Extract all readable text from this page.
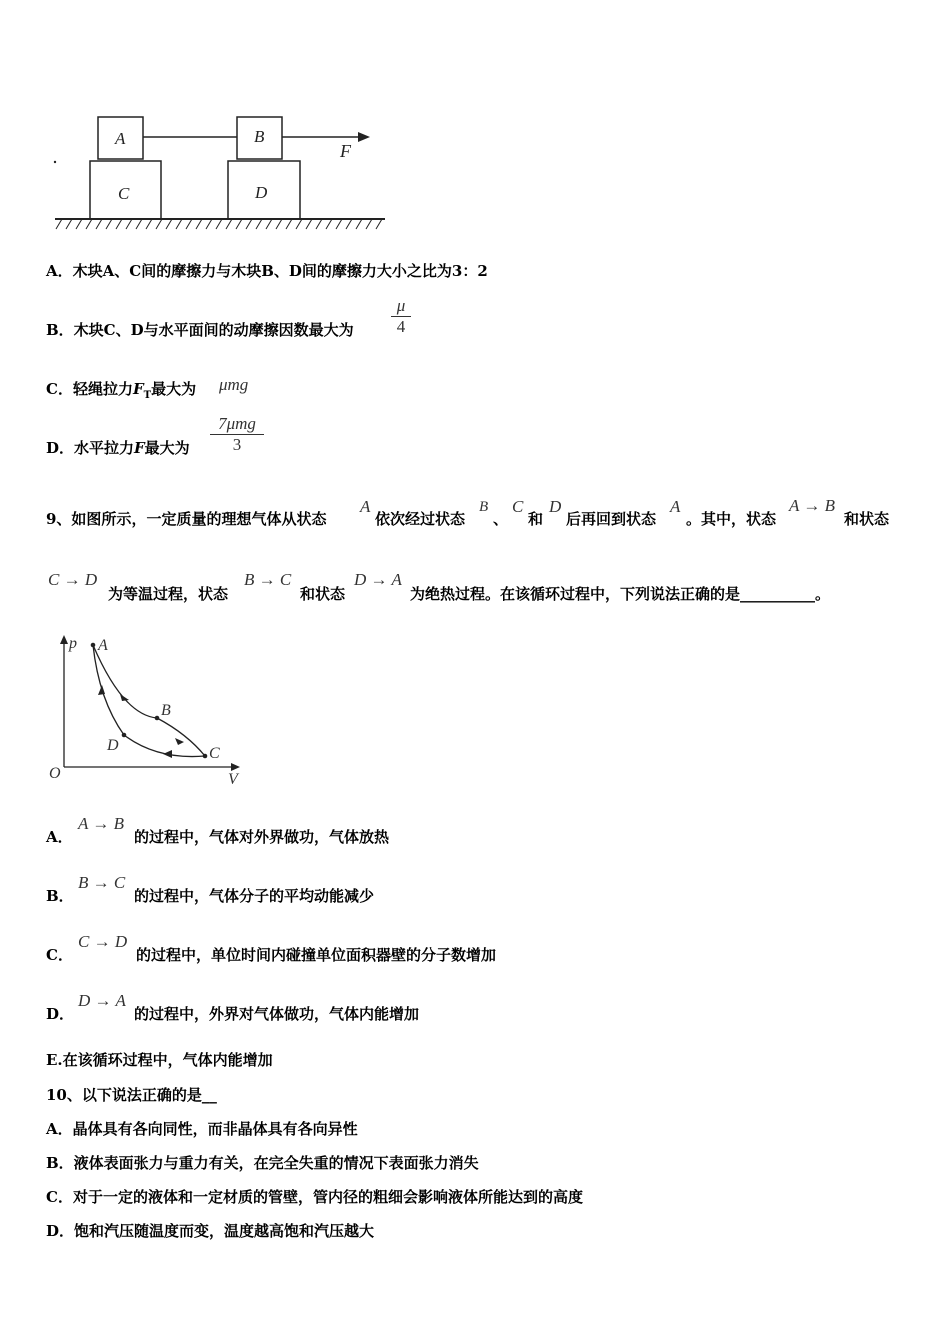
A	B
C	D
F
A．木块A、C间的摩擦力与木块B、D间的摩擦力大小之比为3：2
B．木块C、D与水平面间的动摩擦因数最大为 $\frac{\mu}{4}$
C．轻绳拉力$F_T$最大为 μmg
D．水平拉力F最大为
7μmg
3
9、如图所示，一定质量的理想气体从状态
A
依次经过状态
B
、
C
和
D
后再回到状态
A
。其中，状态
A → B
和状态
C → D
为等温过程，状态
B → C
和状态
D → A
为绝热过程。在该循环过程中，下列说法正确的是__________。
p
V
O
A
B
C
D
A．
A → B
的过程中，气体对外界做功，气体放热
B．
B → C
的过程中，气体分子的平均动能减少
C．
C → D
的过程中，单位时间内碰撞单位面积器壁的分子数增加
D．
D → A
的过程中，外界对气体做功，气体内能增加
E.在该循环过程中，气体内能增加
10、以下说法正确的是__
A．晶体具有各向同性，而非晶体具有各向异性
B．液体表面张力与重力有关，在完全失重的情况下表面张力消失
C．对于一定的液体和一定材质的管壁，管内径的粗细会影响液体所能达到的高度
D．饱和汽压随温度而变，温度越高饱和汽压越大
